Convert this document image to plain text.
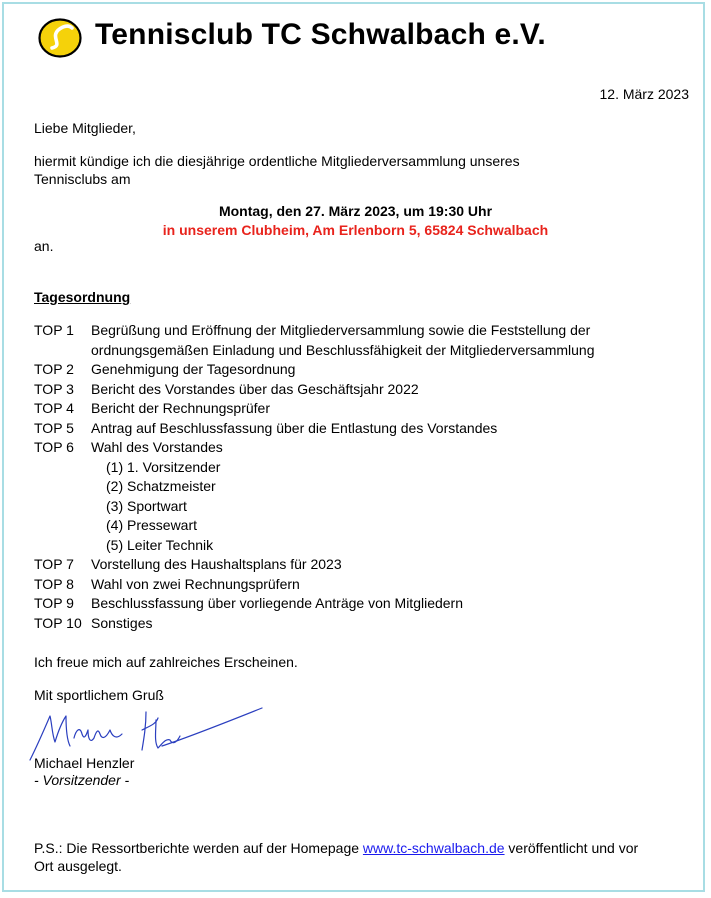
Tennisclub TC Schwalbach e.V.
12. März 2023
Liebe Mitglieder,
hiermit kündige ich die diesjährige ordentliche Mitgliederversammlung unseres
Tennisclubs am
Montag, den 27. März 2023, um 19:30 Uhr
in unserem Clubheim, Am Erlenborn 5, 65824 Schwalbach
an.
Tagesordnung
TOP 1	Begrüßung und Eröffnung der Mitgliederversammlung sowie die Feststellung der ordnungsgemäßen Einladung und Beschlussfähigkeit der Mitgliederversammlung
TOP 2	Genehmigung der Tagesordnung
TOP 3	Bericht des Vorstandes über das Geschäftsjahr 2022
TOP 4	Bericht der Rechnungsprüfer
TOP 5	Antrag auf Beschlussfassung über die Entlastung des Vorstandes
TOP 6	Wahl des Vorstandes
(1) 1. Vorsitzender
(2) Schatzmeister
(3) Sportwart
(4) Pressewart
(5) Leiter Technik
TOP 7	Vorstellung des Haushaltsplans für 2023
TOP 8	Wahl von zwei Rechnungsprüfern
TOP 9	Beschlussfassung über vorliegende Anträge von Mitgliedern
TOP 10 Sonstiges
Ich freue mich auf zahlreiches Erscheinen.
Mit sportlichem Gruß
Michael Henzler
- Vorsitzender -
P.S.: Die Ressortberichte werden auf der Homepage www.tc-schwalbach.de veröffentlicht und vor
Ort ausgelegt.
